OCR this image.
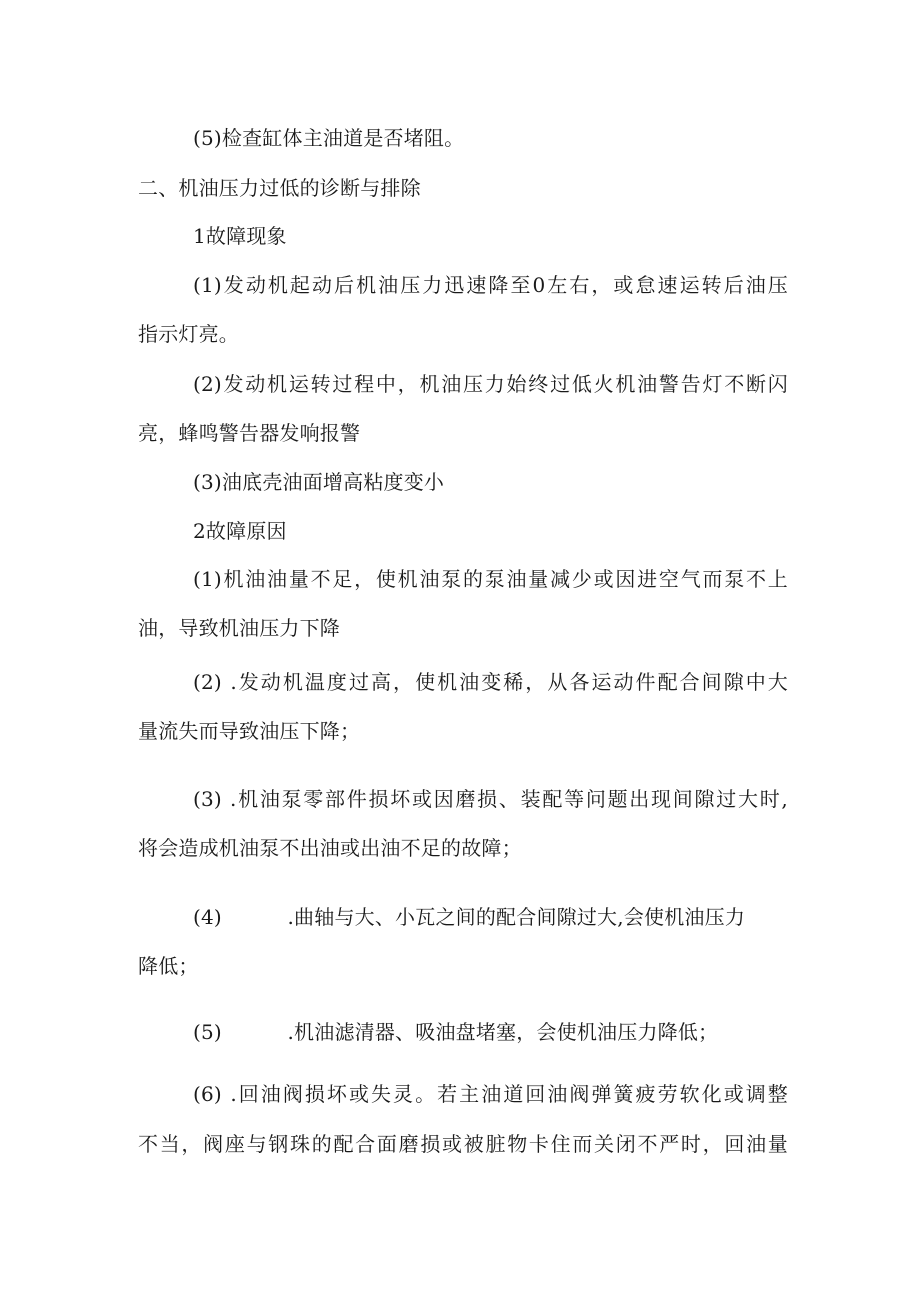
(5)检查缸体主油道是否堵阻。
二、机油压力过低的诊断与排除
1故障现象
(1)发动机起动后机油压力迅速降至0左右，或怠速运转后油压
指示灯亮。
(2)发动机运转过程中，机油压力始终过低火机油警告灯不断闪
亮，蜂鸣警告器发响报警
(3)油底壳油面增高粘度变小
2故障原因
(1)机油油量不足，使机油泵的泵油量减少或因进空气而泵不上
油，导致机油压力下降
(2) .发动机温度过高，使机油变稀，从各运动件配合间隙中大
量流失而导致油压下降；
(3) .机油泵零部件损坏或因磨损、装配等问题出现间隙过大时,
将会造成机油泵不出油或出油不足的故障；
(4)          .曲轴与大、小瓦之间的配合间隙过大,会使机油压力
降低；
(5)          .机油滤清器、吸油盘堵塞，会使机油压力降低；
(6) .回油阀损坏或失灵。若主油道回油阀弹簧疲劳软化或调整
不当，阀座与钢珠的配合面磨损或被脏物卡住而关闭不严时，回油量
